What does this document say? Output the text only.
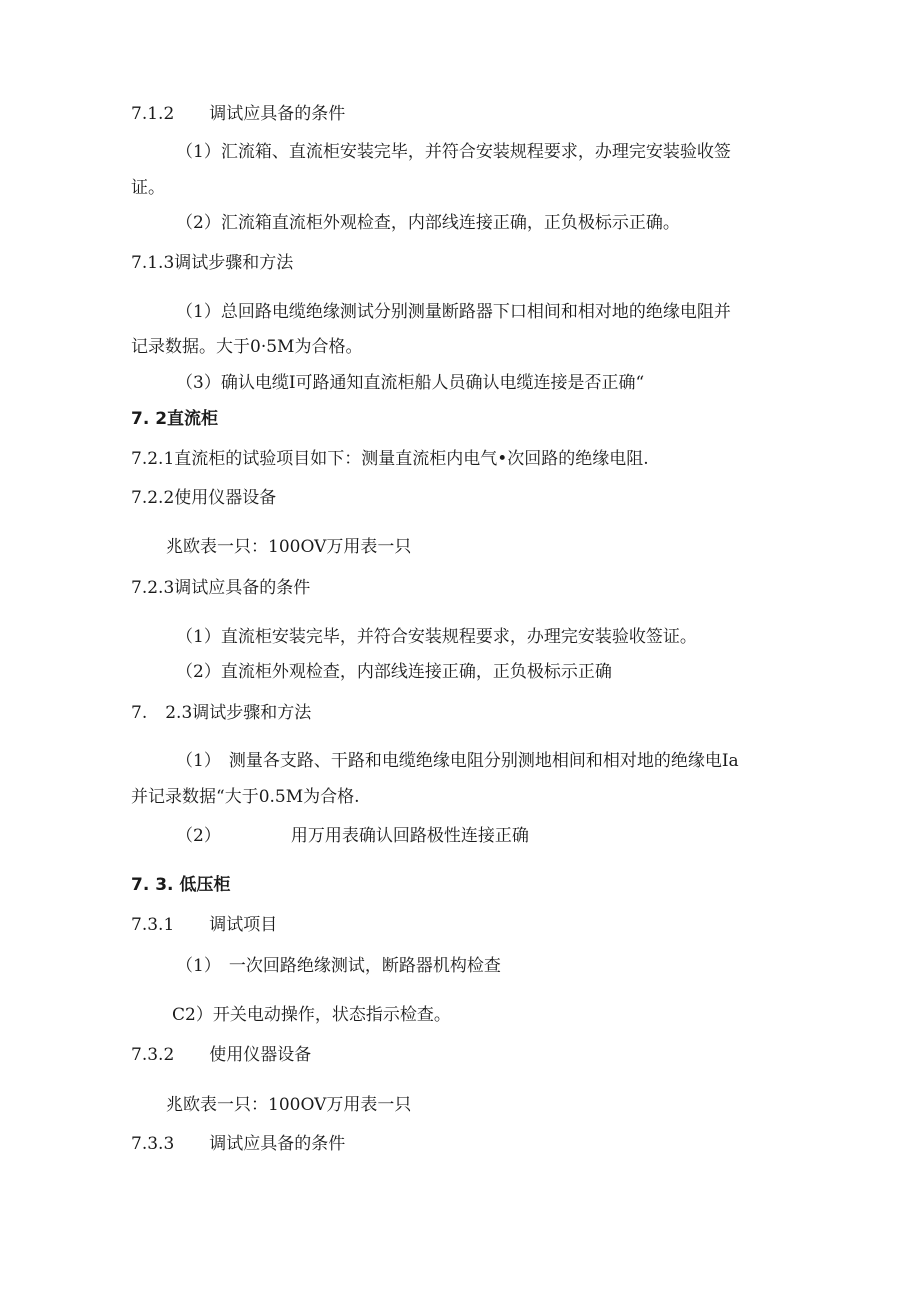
7.1.2 调试应具备的条件
（1）汇流箱、直流柜安装完毕，并符合安装规程要求，办理完安装验收签
证。
（2）汇流箱直流柜外观检查，内部线连接正确，正负极标示正确。
7.1.3调试步骤和方法
（1）总回路电缆绝缘测试分别测量断路器下口相间和相对地的绝缘电阻并
记录数据。大于0·5M为合格。
（3）确认电缆I可路通知直流柜船人员确认电缆连接是否正确“
7. 2直流柜
7.2.1直流柜的试验项目如下：测量直流柜内电气•次回路的绝缘电阻.
7.2.2使用仪器设备
兆欧表一只：100OV万用表一只
7.2.3调试应具备的条件
（1）直流柜安装完毕，并符合安装规程要求，办理完安装验收签证。
（2）直流柜外观检查，内部线连接正确，正负极标示正确
7. 2.3调试步骤和方法
（1） 测量各支路、干路和电缆绝缘电阻分别测地相间和相对地的绝缘电Ia
并记录数据“大于0.5M为合格.
（2）	用万用表确认回路极性连接正确
7. 3. 低压柜
7.3.1 调试项目
（1） 一次回路绝缘测试，断路器机构检查
C2）开关电动操作，状态指示检查。
7.3.2 使用仪器设备
兆欧表一只：100OV万用表一只
7.3.3 调试应具备的条件
